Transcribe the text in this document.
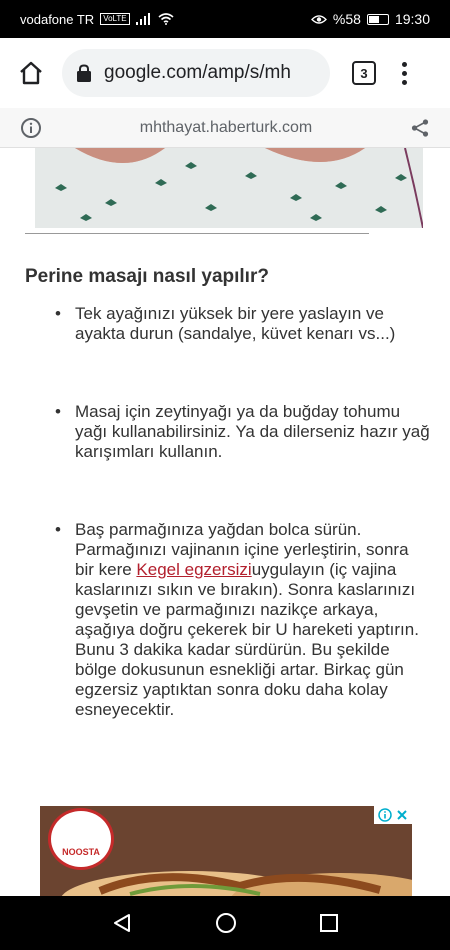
vodafone TR	VoLTE	%58 19:30
google.com/amp/s/mh	3
mhthayat.haberturk.com
Perine masajı nasıl yapılır?
• Tek ayağınızı yüksek bir yere yaslayın ve ayakta durun (sandalye, küvet kenarı vs...)
• Masaj için zeytinyağı ya da buğday tohumu yağı kullanabilirsiniz. Ya da dilerseniz hazır yağ karışımları kullanın.
• Baş parmağınıza yağdan bolca sürün. Parmağınızı vajinanın içine yerleştirin, sonra bir kere Kegel egzersiziuygulayın (iç vajina kaslarınızı sıkın ve bırakın). Sonra kaslarınızı gevşetin ve parmağınızı nazikçe arkaya, aşağıya doğru çekerek bir U hareketi yaptırın. Bunu 3 dakika kadar sürdürün. Bu şekilde bölge dokusunun esnekliği artar. Birkaç gün egzersiz yaptıktan sonra doku daha kolay esneyecektir.
NOOSTA
